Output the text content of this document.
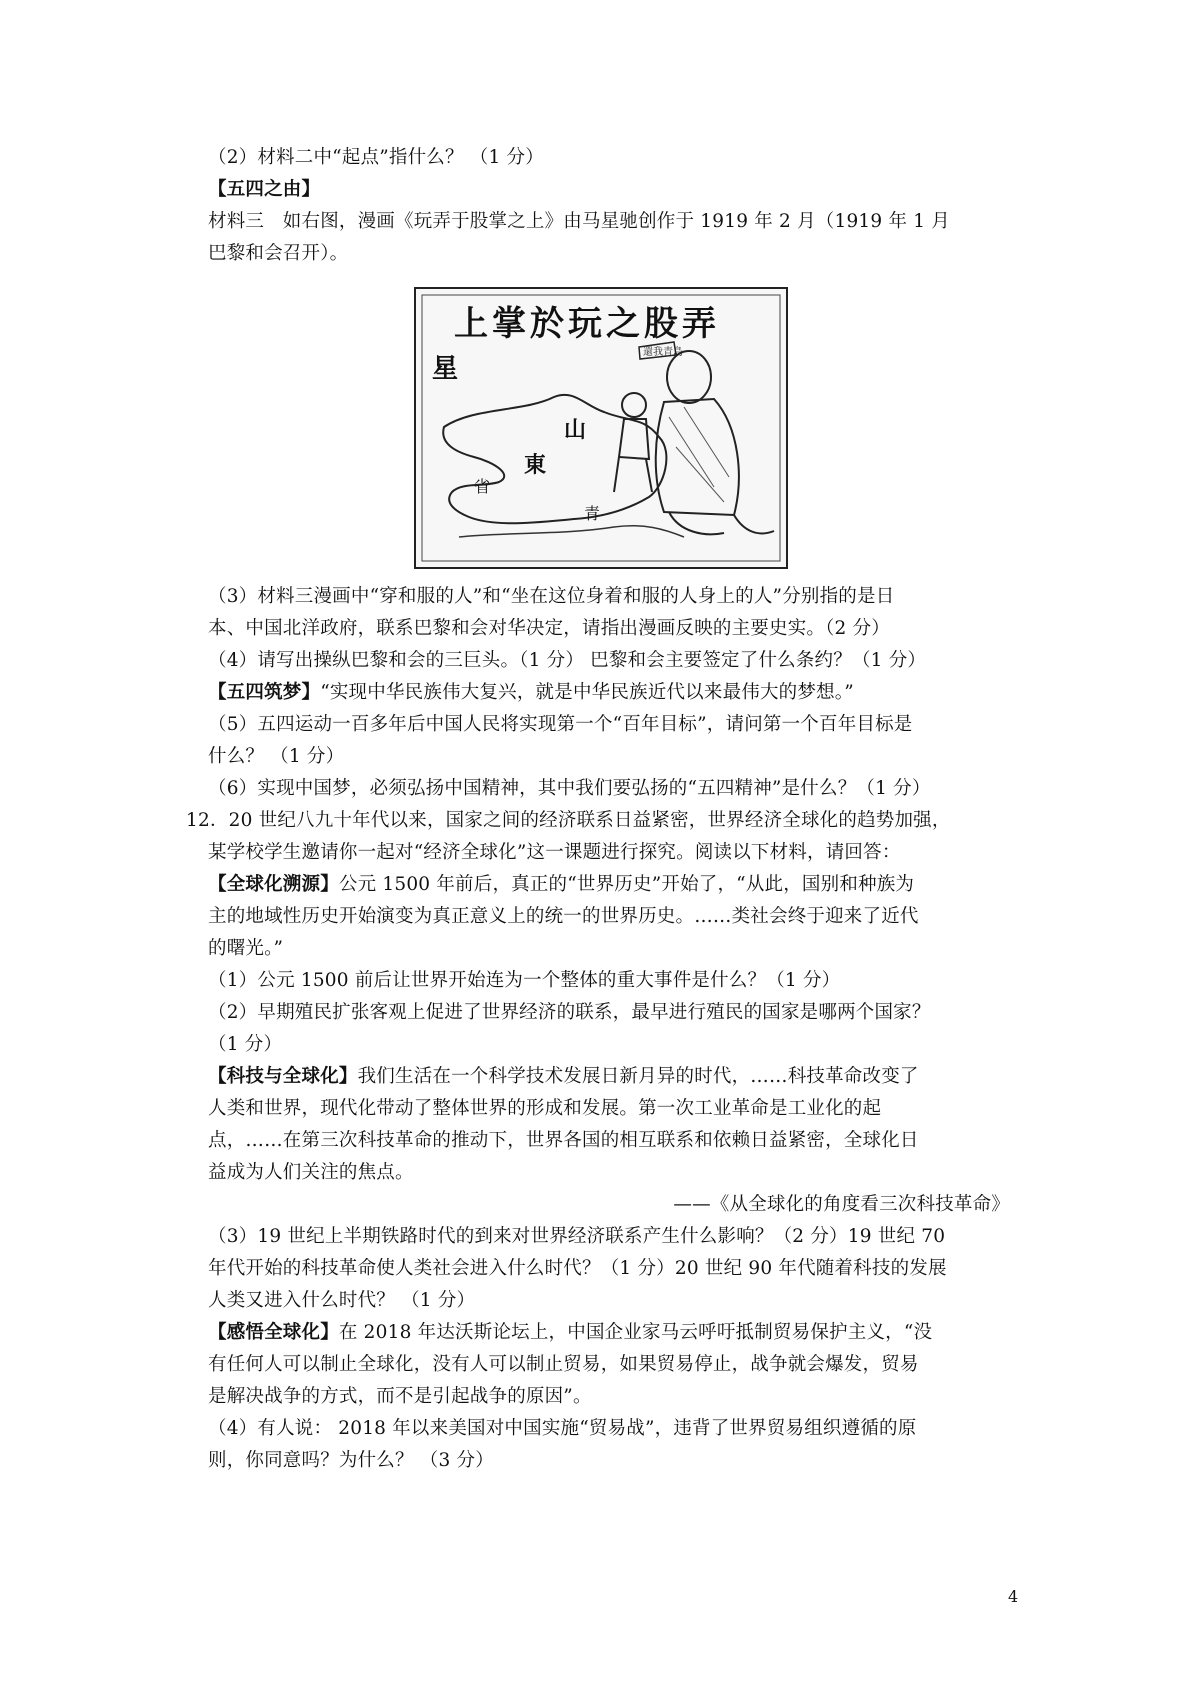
（2）材料二中“起点”指什么？ （1 分）
【五四之由】
材料三　如右图，漫画《玩弄于股掌之上》由马星驰创作于 1919 年 2 月（1919 年 1 月
巴黎和会召开）。
還我青島
上掌於玩之股弄
星
山
東
省
青
（3）材料三漫画中“穿和服的人”和“坐在这位身着和服的人身上的人”分别指的是日
本、中国北洋政府，联系巴黎和会对华决定，请指出漫画反映的主要史实。（2 分）
（4）请写出操纵巴黎和会的三巨头。（1 分） 巴黎和会主要签定了什么条约？（1 分）
【五四筑梦】“实现中华民族伟大复兴，就是中华民族近代以来最伟大的梦想。”
（5）五四运动一百多年后中国人民将实现第一个“百年目标”，请问第一个百年目标是
什么？ （1 分）
（6）实现中国梦，必须弘扬中国精神，其中我们要弘扬的“五四精神”是什么？（1 分）
12．20 世纪八九十年代以来，国家之间的经济联系日益紧密，世界经济全球化的趋势加强，
某学校学生邀请你一起对“经济全球化”这一课题进行探究。阅读以下材料，请回答：
【全球化溯源】公元 1500 年前后，真正的“世界历史”开始了，“从此，国别和种族为
主的地域性历史开始演变为真正意义上的统一的世界历史。……类社会终于迎来了近代
的曙光。”
（1）公元 1500 前后让世界开始连为一个整体的重大事件是什么？（1 分）
（2）早期殖民扩张客观上促进了世界经济的联系，最早进行殖民的国家是哪两个国家？
（1 分）
【科技与全球化】我们生活在一个科学技术发展日新月异的时代，……科技革命改变了
人类和世界，现代化带动了整体世界的形成和发展。第一次工业革命是工业化的起
点，……在第三次科技革命的推动下，世界各国的相互联系和依赖日益紧密，全球化日
益成为人们关注的焦点。
——《从全球化的角度看三次科技革命》
（3）19 世纪上半期铁路时代的到来对世界经济联系产生什么影响？（2 分）19 世纪 70
年代开始的科技革命使人类社会进入什么时代？（1 分）20 世纪 90 年代随着科技的发展
人类又进入什么时代？ （1 分）
【感悟全球化】在 2018 年达沃斯论坛上，中国企业家马云呼吁抵制贸易保护主义，“没
有任何人可以制止全球化，没有人可以制止贸易，如果贸易停止，战争就会爆发，贸易
是解决战争的方式，而不是引起战争的原因”。
（4）有人说： 2018 年以来美国对中国实施“贸易战”，违背了世界贸易组织遵循的原
则，你同意吗？为什么？ （3 分）
4
